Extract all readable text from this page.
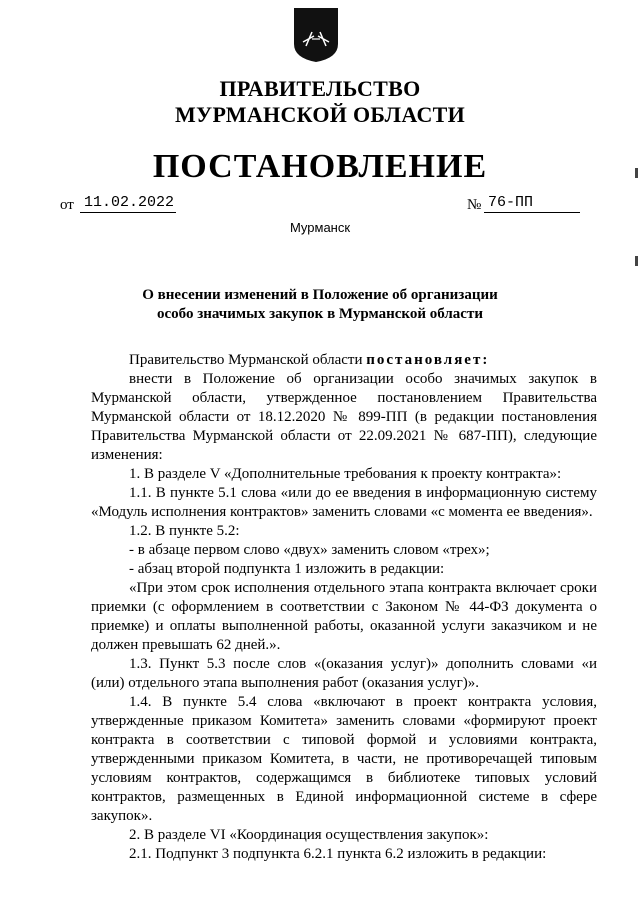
ПРАВИТЕЛЬСТВО
МУРМАНСКОЙ ОБЛАСТИ
ПОСТАНОВЛЕНИЕ
от 11.02.2022	№ 76-ПП
Мурманск
О внесении изменений в Положение об организации
особо значимых закупок в Мурманской области

Правительство Мурманской области постановляет:

внести в Положение об организации особо значимых закупок в Мурманской области, утвержденное постановлением Правительства Мурманской области от 18.12.2020 № 899-ПП (в редакции постановления Правительства Мурманской области от 22.09.2021 № 687-ПП), следующие изменения:

1. В разделе V «Дополнительные требования к проекту контракта»:

1.1. В пункте 5.1 слова «или до ее введения в информационную систему «Модуль исполнения контрактов» заменить словами «с момента ее введения».

1.2. В пункте 5.2:

- в абзаце первом слово «двух» заменить словом «трех»;

- абзац второй подпункта 1 изложить в редакции:

«При этом срок исполнения отдельного этапа контракта включает сроки приемки (с оформлением в соответствии с Законом № 44-ФЗ документа о приемке) и оплаты выполненной работы, оказанной услуги заказчиком и не должен превышать 62 дней.».

1.3. Пункт 5.3 после слов «(оказания услуг)» дополнить словами «и (или) отдельного этапа выполнения работ (оказания услуг)».

1.4. В пункте 5.4 слова «включают в проект контракта условия, утвержденные приказом Комитета» заменить словами «формируют проект контракта в соответствии с типовой формой и условиями контракта, утвержденными приказом Комитета, в части, не противоречащей типовым условиям контрактов, содержащимся в библиотеке типовых условий контрактов, размещенных в Единой информационной системе в сфере закупок».

2. В разделе VI «Координация осуществления закупок»:

2.1. Подпункт 3 подпункта 6.2.1 пункта 6.2 изложить в редакции:
